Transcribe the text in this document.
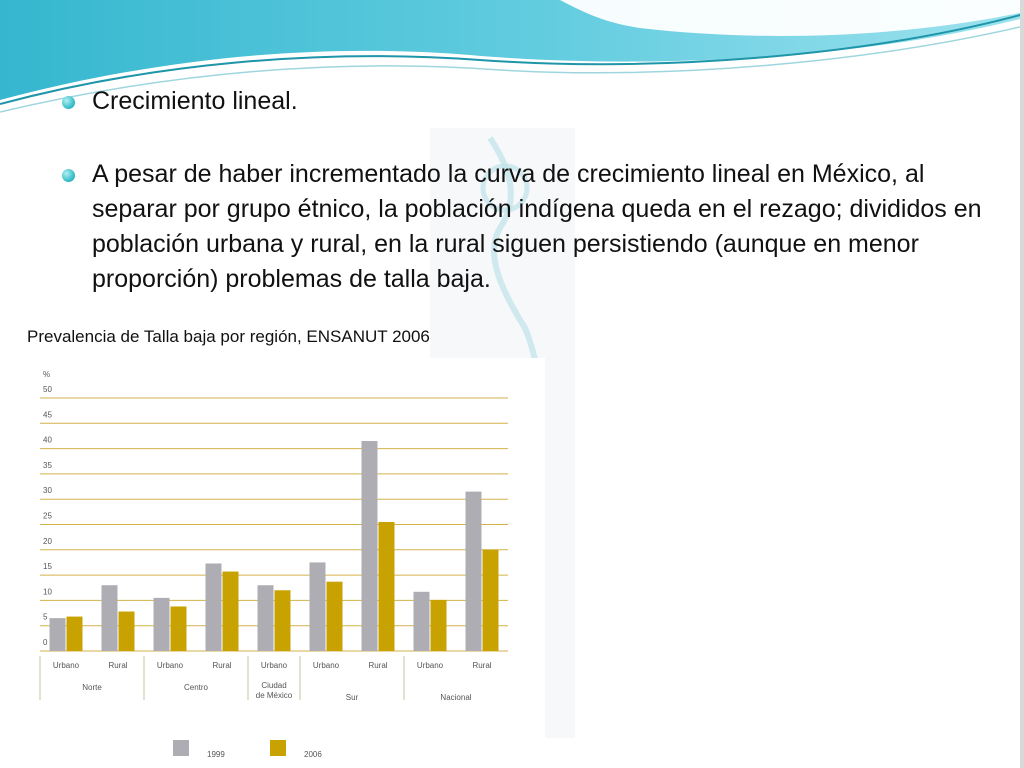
Crecimiento lineal.
A pesar de haber incrementado la curva de crecimiento lineal en México, al separar por grupo étnico, la población indígena queda en el rezago; divididos en población urbana y rural, en la rural siguen persistiendo (aunque en menor proporción) problemas de talla baja.
Prevalencia de Talla baja por región, ENSANUT 2006
%
0
5
10
15
20
25
30
35
40
45
50
Urbano	Rural	Urbano	Rural	Urbano	Urbano	Rural	Urbano	Rural
Norte	Centro	Ciudad
de México	Sur	Nacional
1999	2006
